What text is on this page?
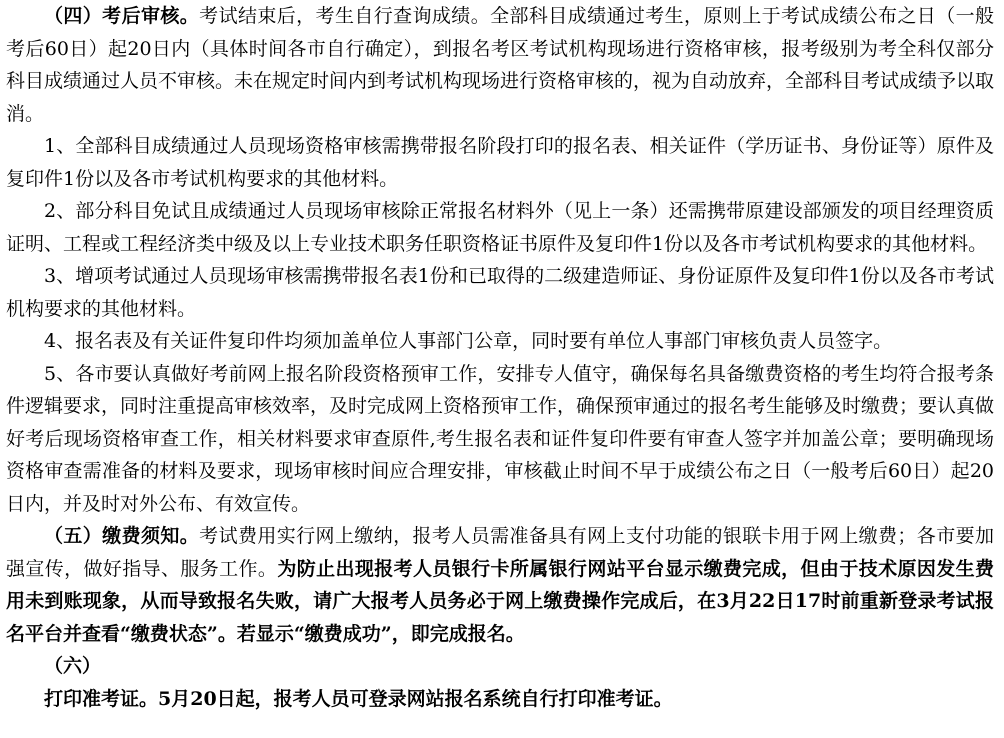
（四）考后审核。考试结束后，考生自行查询成绩。全部科目成绩通过考生，原则上于考试成绩公布之日（一般考后60日）起20日内（具体时间各市自行确定），到报名考区考试机构现场进行资格审核，报考级别为考全科仅部分科目成绩通过人员不审核。未在规定时间内到考试机构现场进行资格审核的，视为自动放弃，全部科目考试成绩予以取消。

1、全部科目成绩通过人员现场资格审核需携带报名阶段打印的报名表、相关证件（学历证书、身份证等）原件及复印件1份以及各市考试机构要求的其他材料。

2、部分科目免试且成绩通过人员现场审核除正常报名材料外（见上一条）还需携带原建设部颁发的项目经理资质证明、工程或工程经济类中级及以上专业技术职务任职资格证书原件及复印件1份以及各市考试机构要求的其他材料。

3、增项考试通过人员现场审核需携带报名表1份和已取得的二级建造师证、身份证原件及复印件1份以及各市考试机构要求的其他材料。

4、报名表及有关证件复印件均须加盖单位人事部门公章，同时要有单位人事部门审核负责人员签字。

5、各市要认真做好考前网上报名阶段资格预审工作，安排专人值守，确保每名具备缴费资格的考生均符合报考条件逻辑要求，同时注重提高审核效率，及时完成网上资格预审工作，确保预审通过的报名考生能够及时缴费；要认真做好考后现场资格审查工作，相关材料要求审查原件,考生报名表和证件复印件要有审查人签字并加盖公章；要明确现场资格审查需准备的材料及要求，现场审核时间应合理安排，审核截止时间不早于成绩公布之日（一般考后60日）起20日内，并及时对外公布、有效宣传。

（五）缴费须知。考试费用实行网上缴纳，报考人员需准备具有网上支付功能的银联卡用于网上缴费；各市要加强宣传，做好指导、服务工作。为防止出现报考人员银行卡所属银行网站平台显示缴费完成，但由于技术原因发生费用未到账现象，从而导致报名失败，请广大报考人员务必于网上缴费操作完成后，在3月22日17时前重新登录考试报名平台并查看“缴费状态”。若显示“缴费成功”，即完成报名。

（六）

打印准考证。5月20日起，报考人员可登录网站报名系统自行打印准考证。
